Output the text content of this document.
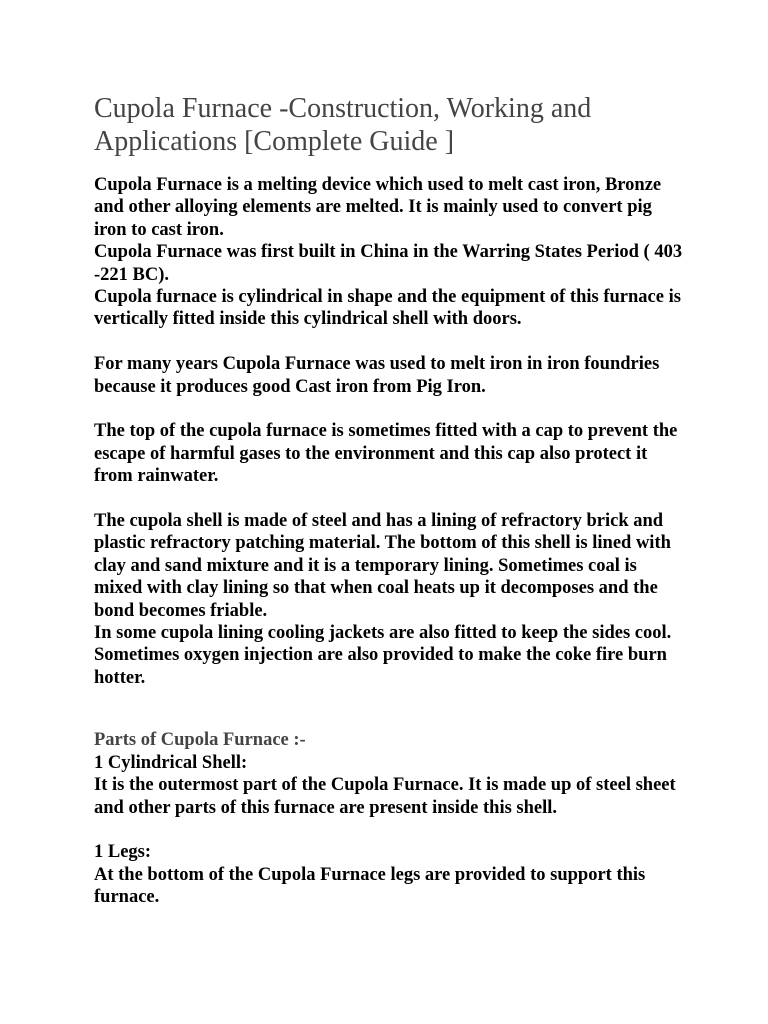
Cupola Furnace -Construction, Working and Applications [Complete Guide ]

Cupola Furnace is a melting device which used to melt cast iron, Bronze and other alloying elements are melted. It is mainly used to convert pig iron to cast iron.

Cupola Furnace was first built in China in the Warring States Period ( 403 -221 BC).

Cupola furnace is cylindrical in shape and the equipment of this furnace is vertically fitted inside this cylindrical shell with doors.

For many years Cupola Furnace was used to melt iron in iron foundries because it produces good Cast iron from Pig Iron.

The top of the cupola furnace is sometimes fitted with a cap to prevent the escape of harmful gases to the environment and this cap also protect it from rainwater.

The cupola shell is made of steel and has a lining of refractory brick and plastic refractory patching material. The bottom of this shell is lined with clay and sand mixture and it is a temporary lining. Sometimes coal is mixed with clay lining so that when coal heats up it decomposes and the bond becomes friable.

In some cupola lining cooling jackets are also fitted to keep the sides cool. Sometimes oxygen injection are also provided to make the coke fire burn hotter.

Parts of Cupola Furnace :-

1 Cylindrical Shell:

It is the outermost part of the Cupola Furnace. It is made up of steel sheet and other parts of this furnace are present inside this shell.

1 Legs:

At the bottom of the Cupola Furnace legs are provided to support this furnace.
